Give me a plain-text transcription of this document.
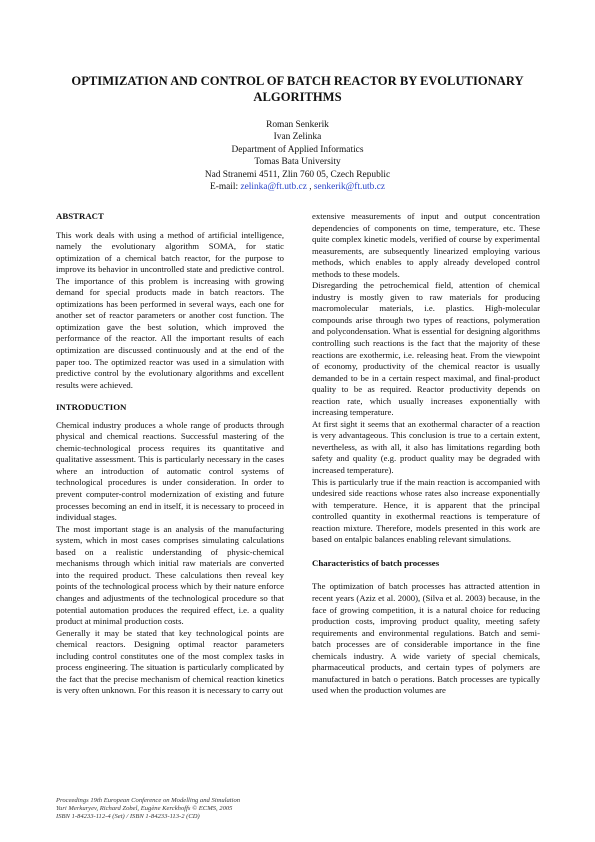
OPTIMIZATION AND CONTROL OF BATCH REACTOR BY EVOLUTIONARY ALGORITHMS
Roman Senkerik
Ivan Zelinka
Department of Applied Informatics
Tomas Bata University
Nad Stranemi 4511, Zlin 760 05, Czech Republic
E-mail: zelinka@ft.utb.cz , senkerik@ft.utb.cz
ABSTRACT

This work deals with using a method of artificial intelligence, namely the evolutionary algorithm SOMA, for static optimization of a chemical batch reactor, for the purpose to improve its behavior in uncontrolled state and predictive control. The importance of this problem is increasing with growing demand for special products made in batch reactors. The optimizations has been performed in several ways, each one for another set of reactor parameters or another cost function. The optimization gave the best solution, which improved the performance of the reactor. All the important results of each optimization are discussed continuously and at the end of the paper too. The optimized reactor was used in a simulation with predictive control by the evolutionary algorithms and excellent results were achieved.

INTRODUCTION

Chemical industry produces a whole range of products through physical and chemical reactions. Successful mastering of the chemic-technological process requires its quantitative and qualitative assessment. This is particularly necessary in the cases where an introduction of automatic control systems of technological procedures is under consideration. In order to prevent computer-control modernization of existing and future processes becoming an end in itself, it is necessary to proceed in individual stages.

The most important stage is an analysis of the manufacturing system, which in most cases comprises simulating calculations based on a realistic understanding of physic-chemical mechanisms through which initial raw materials are converted into the required product. These calculations then reveal key points of the technological process which by their nature enforce changes and adjustments of the technological procedure so that potential automation produces the required effect, i.e. a quality product at minimal production costs.

Generally it may be stated that key technological points are chemical reactors. Designing optimal reactor parameters including control constitutes one of the most complex tasks in process engineering. The situation is particularly complicated by the fact that the precise mechanism of chemical reaction kinetics is very often unknown. For this reason it is necessary to carry out

extensive measurements of input and output concentration dependencies of components on time, temperature, etc. These quite complex kinetic models, verified of course by experimental measurements, are subsequently linearized employing various methods, which enables to apply already developed control methods to these models.

Disregarding the petrochemical field, attention of chemical industry is mostly given to raw materials for producing macromolecular materials, i.e. plastics. High-molecular compounds arise through two types of reactions, polymeration and polycondensation. What is essential for designing algorithms controlling such reactions is the fact that the majority of these reactions are exothermic, i.e. releasing heat. From the viewpoint of economy, productivity of the chemical reactor is usually demanded to be in a certain respect maximal, and final-product quality to be as required. Reactor productivity depends on reaction rate, which usually increases exponentially with increasing temperature.

At first sight it seems that an exothermal character of a reaction is very advantageous. This conclusion is true to a certain extent, nevertheless, as with all, it also has limitations regarding both safety and quality (e.g. product quality may be degraded with increased temperature).

This is particularly true if the main reaction is accompanied with undesired side reactions whose rates also increase exponentially with temperature. Hence, it is apparent that the principal controlled quantity in exothermal reactions is temperature of reaction mixture. Therefore, models presented in this work are based on entalpic balances enabling relevant simulations.

Characteristics of batch processes

The optimization of batch processes has attracted attention in recent years (Aziz et al. 2000), (Silva et al. 2003) because, in the face of growing competition, it is a natural choice for reducing production costs, improving product quality, meeting safety requirements and environmental regulations. Batch and semi-batch processes are of considerable importance in the fine chemicals industry. A wide variety of special chemicals, pharmaceutical products, and certain types of polymers are manufactured in batch o perations. Batch processes are typically used when the production volumes are

Proceedings 19th European Conference on Modelling and Simulation
Yuri Merkuryev, Richard Zobel, Eugène Kerckhoffs © ECMS, 2005
ISBN 1-84233-112-4 (Set) / ISBN 1-84233-113-2 (CD)
